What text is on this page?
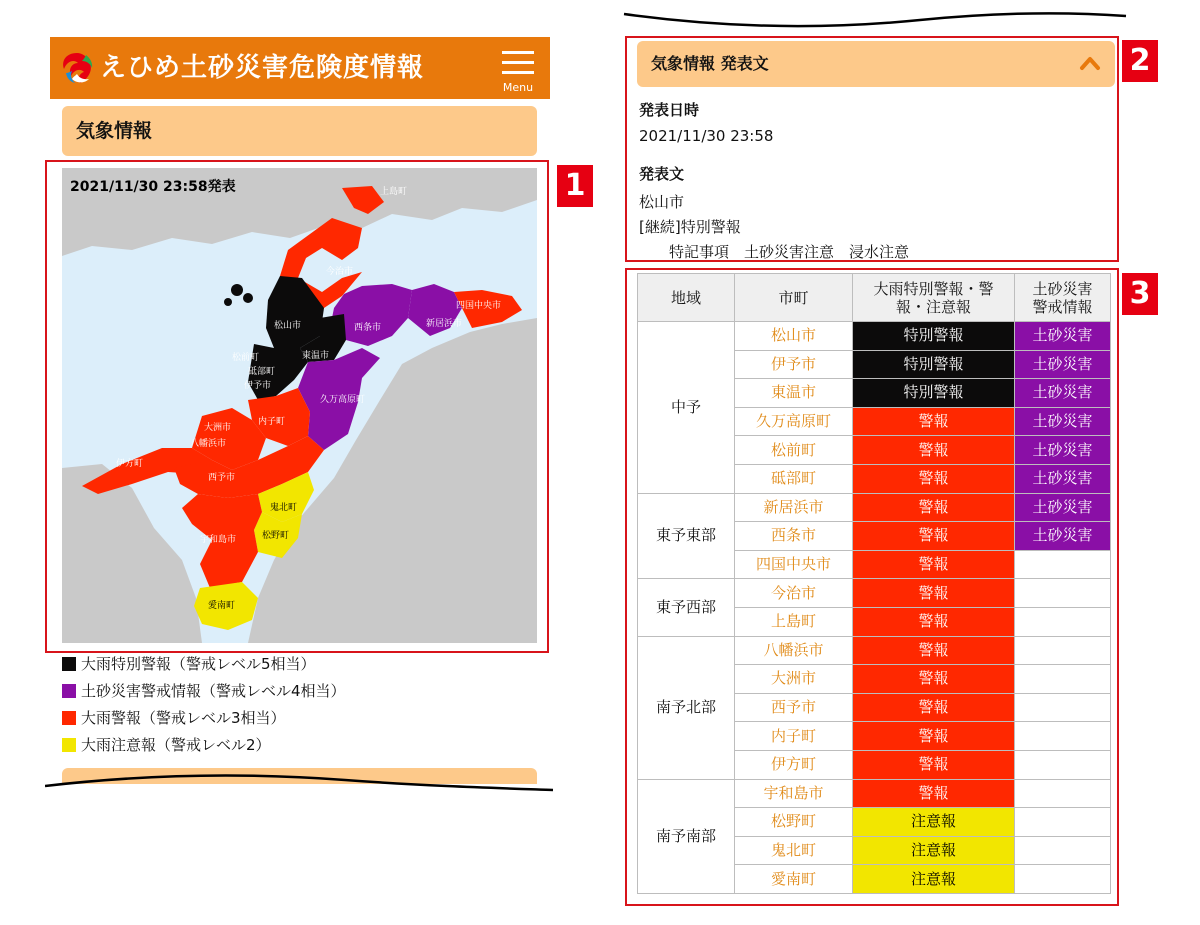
えひめ土砂災害危険度情報
Menu
気象情報
上島町
今治市
四国中央市
新居浜市
西条市
松山市
東温市
松前町
砥部町
伊予市
久万高原町
内子町
大洲市
八幡浜市
伊方町
西予市
宇和島市
鬼北町
松野町
愛南町
2021/11/30 23:58発表
大雨特別警報（警戒レベル5相当）
土砂災害警戒情報（警戒レベル4相当）
大雨警報（警戒レベル3相当）
大雨注意報（警戒レベル2）
1
気象情報 発表文
発表日時
2021/11/30 23:58
発表文
松山市
[継続]特別警報
　　特記事項　土砂災害注意　浸水注意
2
地域	市町	大雨特別警報・警報・注意報	土砂災害警戒情報
中予	松山市	特別警報	土砂災害
	伊予市	特別警報	土砂災害
	東温市	特別警報	土砂災害
	久万高原町	警報	土砂災害
	松前町	警報	土砂災害
	砥部町	警報	土砂災害
東予東部	新居浜市	警報	土砂災害
	西条市	警報	土砂災害
	四国中央市	警報	
東予西部	今治市	警報	
	上島町	警報	
南予北部	八幡浜市	警報	
	大洲市	警報	
	西予市	警報	
	内子町	警報	
	伊方町	警報	
南予南部	宇和島市	警報	
	松野町	注意報	
	鬼北町	注意報	
	愛南町	注意報	
3
